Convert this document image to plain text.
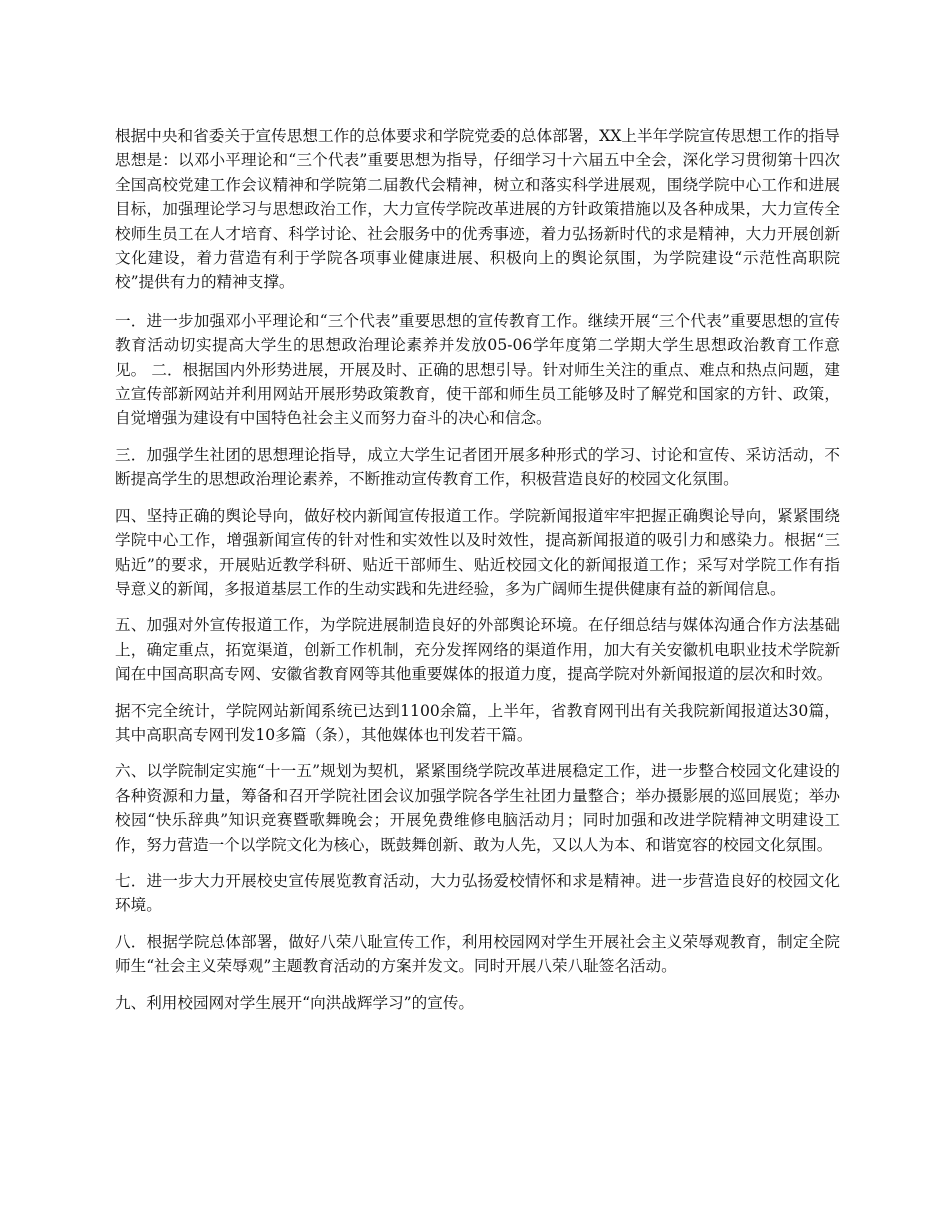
根据中央和省委关于宣传思想工作的总体要求和学院党委的总体部署，XX上半年学院宣传思想工作的指导思想是：以邓小平理论和“三个代表”重要思想为指导，仔细学习十六届五中全会，深化学习贯彻第十四次全国高校党建工作会议精神和学院第二届教代会精神，树立和落实科学进展观，围绕学院中心工作和进展目标，加强理论学习与思想政治工作，大力宣传学院改革进展的方针政策措施以及各种成果，大力宣传全校师生员工在人才培育、科学讨论、社会服务中的优秀事迹，着力弘扬新时代的求是精神，大力开展创新文化建设，着力营造有利于学院各项事业健康进展、积极向上的舆论氛围，为学院建设“示范性高职院校”提供有力的精神支撑。

一．进一步加强邓小平理论和“三个代表”重要思想的宣传教育工作。继续开展“三个代表”重要思想的宣传教育活动切实提高大学生的思想政治理论素养并发放05-06学年度第二学期大学生思想政治教育工作意见。 二．根据国内外形势进展，开展及时、正确的思想引导。针对师生关注的重点、难点和热点问题，建立宣传部新网站并利用网站开展形势政策教育，使干部和师生员工能够及时了解党和国家的方针、政策，自觉增强为建设有中国特色社会主义而努力奋斗的决心和信念。

三．加强学生社团的思想理论指导，成立大学生记者团开展多种形式的学习、讨论和宣传、采访活动，不断提高学生的思想政治理论素养，不断推动宣传教育工作，积极营造良好的校园文化氛围。

四、坚持正确的舆论导向，做好校内新闻宣传报道工作。学院新闻报道牢牢把握正确舆论导向，紧紧围绕学院中心工作，增强新闻宣传的针对性和实效性以及时效性，提高新闻报道的吸引力和感染力。根据“三贴近”的要求，开展贴近教学科研、贴近干部师生、贴近校园文化的新闻报道工作；采写对学院工作有指导意义的新闻，多报道基层工作的生动实践和先进经验，多为广阔师生提供健康有益的新闻信息。

五、加强对外宣传报道工作，为学院进展制造良好的外部舆论环境。在仔细总结与媒体沟通合作方法基础上，确定重点，拓宽渠道，创新工作机制，充分发挥网络的渠道作用，加大有关安徽机电职业技术学院新闻在中国高职高专网、安徽省教育网等其他重要媒体的报道力度，提高学院对外新闻报道的层次和时效。

据不完全统计，学院网站新闻系统已达到1100余篇，上半年，省教育网刊出有关我院新闻报道达30篇，其中高职高专网刊发10多篇（条），其他媒体也刊发若干篇。

六、以学院制定实施“十一五”规划为契机，紧紧围绕学院改革进展稳定工作，进一步整合校园文化建设的各种资源和力量，筹备和召开学院社团会议加强学院各学生社团力量整合；举办摄影展的巡回展览；举办校园“快乐辞典”知识竞赛暨歌舞晚会；开展免费维修电脑活动月；同时加强和改进学院精神文明建设工作，努力营造一个以学院文化为核心，既鼓舞创新、敢为人先，又以人为本、和谐宽容的校园文化氛围。

七．进一步大力开展校史宣传展览教育活动，大力弘扬爱校情怀和求是精神。进一步营造良好的校园文化环境。

八．根据学院总体部署，做好八荣八耻宣传工作，利用校园网对学生开展社会主义荣辱观教育，制定全院师生“社会主义荣辱观”主题教育活动的方案并发文。同时开展八荣八耻签名活动。

九、利用校园网对学生展开“向洪战辉学习”的宣传。
